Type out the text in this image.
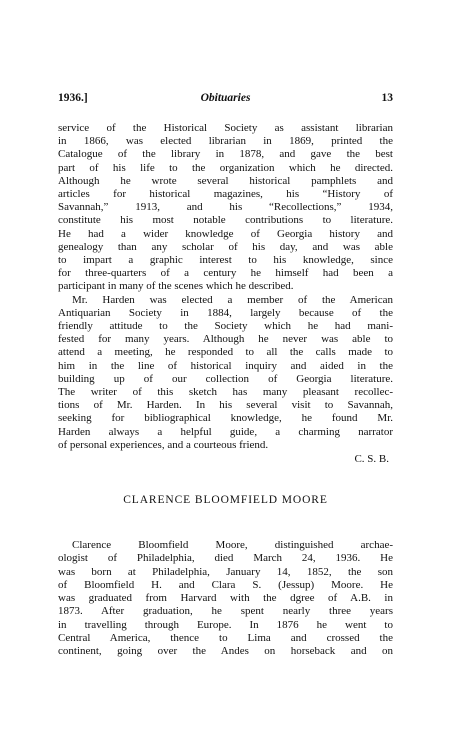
1936.]	Obituaries	13
service of the Historical Society as assistant librarian
in 1866, was elected librarian in 1869, printed the
Catalogue of the library in 1878, and gave the best
part of his life to the organization which he directed.
Although he wrote several historical pamphlets and
articles for historical magazines, his “History of
Savannah,” 1913, and his “Recollections,” 1934,
constitute his most notable contributions to literature.
He had a wider knowledge of Georgia history and
genealogy than any scholar of his day, and was able
to impart a graphic interest to his knowledge, since
for three-quarters of a century he himself had been a
participant in many of the scenes which he described.
Mr. Harden was elected a member of the American
Antiquarian Society in 1884, largely because of the
friendly attitude to the Society which he had mani-
fested for many years. Although he never was able to
attend a meeting, he responded to all the calls made to
him in the line of historical inquiry and aided in the
building up of our collection of Georgia literature.
The writer of this sketch has many pleasant recollec-
tions of Mr. Harden. In his several visit to Savannah,
seeking for bibliographical knowledge, he found Mr.
Harden always a helpful guide, a charming narrator
of personal experiences, and a courteous friend.
C. S. B.
CLARENCE BLOOMFIELD MOORE
Clarence Bloomfield Moore, distinguished archae-
ologist of Philadelphia, died March 24, 1936. He
was born at Philadelphia, January 14, 1852, the son
of Bloomfield H. and Clara S. (Jessup) Moore. He
was graduated from Harvard with the dgree of A.B. in
1873. After graduation, he spent nearly three years
in travelling through Europe. In 1876 he went to
Central America, thence to Lima and crossed the
continent, going over the Andes on horseback and on
